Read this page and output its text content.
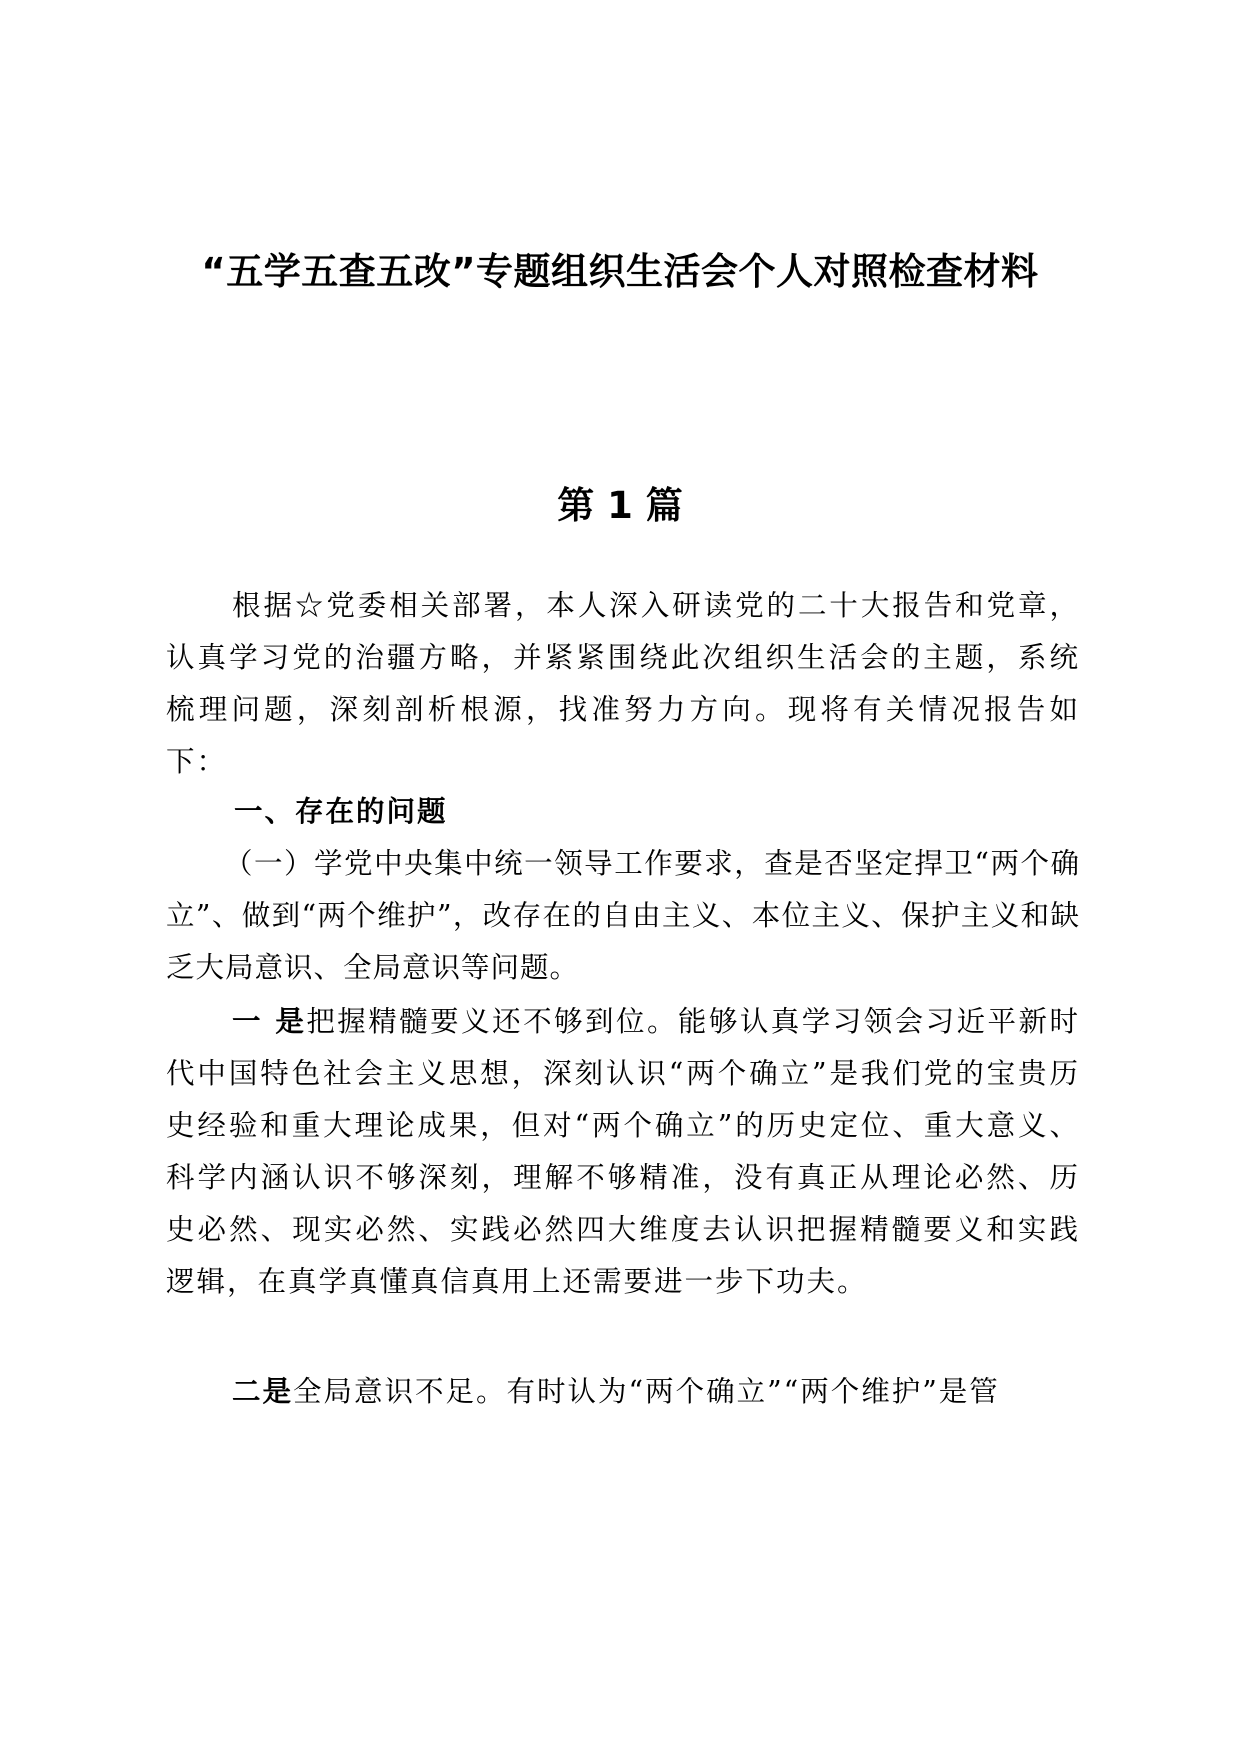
“五学五查五改”专题组织生活会个人对照检查材料
第 1 篇

根据☆党委相关部署，本人深入研读党的二十大报告和党章，认真学习党的治疆方略，并紧紧围绕此次组织生活会的主题，系统梳理问题，深刻剖析根源，找准努力方向。现将有关情况报告如下：

一、存在的问题

（一）学党中央集中统一领导工作要求，查是否坚定捍卫“两个确立”、做到“两个维护”，改存在的自由主义、本位主义、保护主义和缺乏大局意识、全局意识等问题。

一 是把握精髓要义还不够到位。能够认真学习领会习近平新时代中国特色社会主义思想，深刻认识“两个确立”是我们党的宝贵历史经验和重大理论成果，但对“两个确立”的历史定位、重大意义、科学内涵认识不够深刻，理解不够精准，没有真正从理论必然、历史必然、现实必然、实践必然四大维度去认识把握精髓要义和实践逻辑，在真学真懂真信真用上还需要进一步下功夫。

二是全局意识不足。有时认为“两个确立”“两个维护”是管
